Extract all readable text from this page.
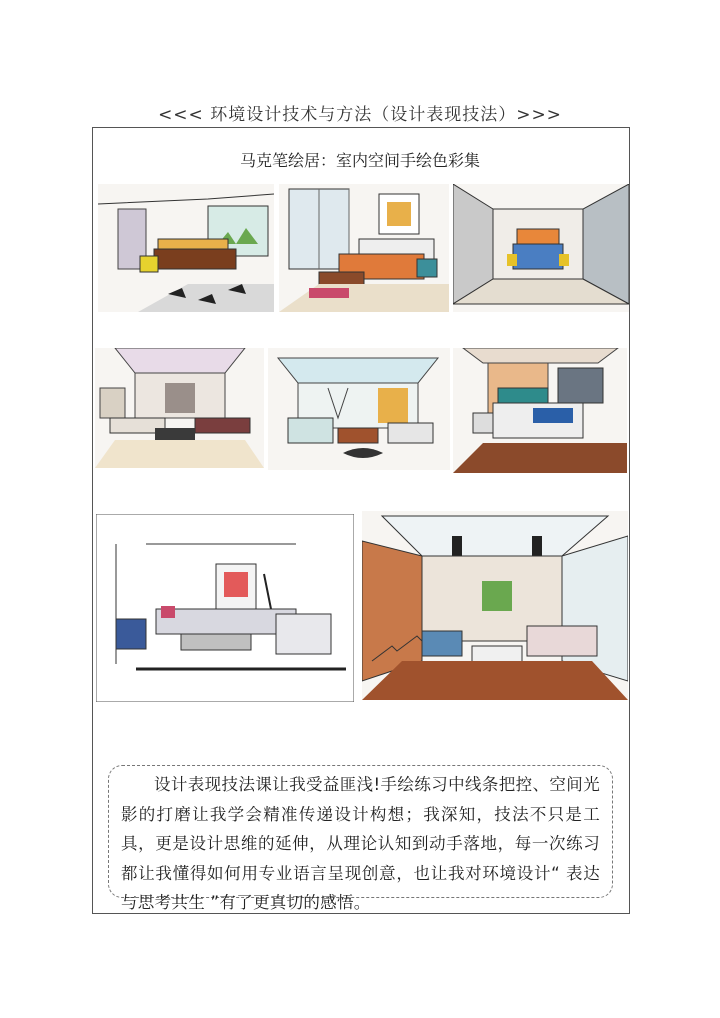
<<< 环境设计技术与方法（设计表现技法）>>>
马克笔绘居：室内空间手绘色彩集

设计表现技法课让我受益匪浅!手绘练习中线条把控、空间光影的打磨让我学会精准传递设计构想；我深知，技法不只是工具，更是设计思维的延伸，从理论认知到动手落地，每一次练习都让我懂得如何用专业语言呈现创意，也让我对环境设计“ 表达与思考共生 ”有了更真切的感悟。
